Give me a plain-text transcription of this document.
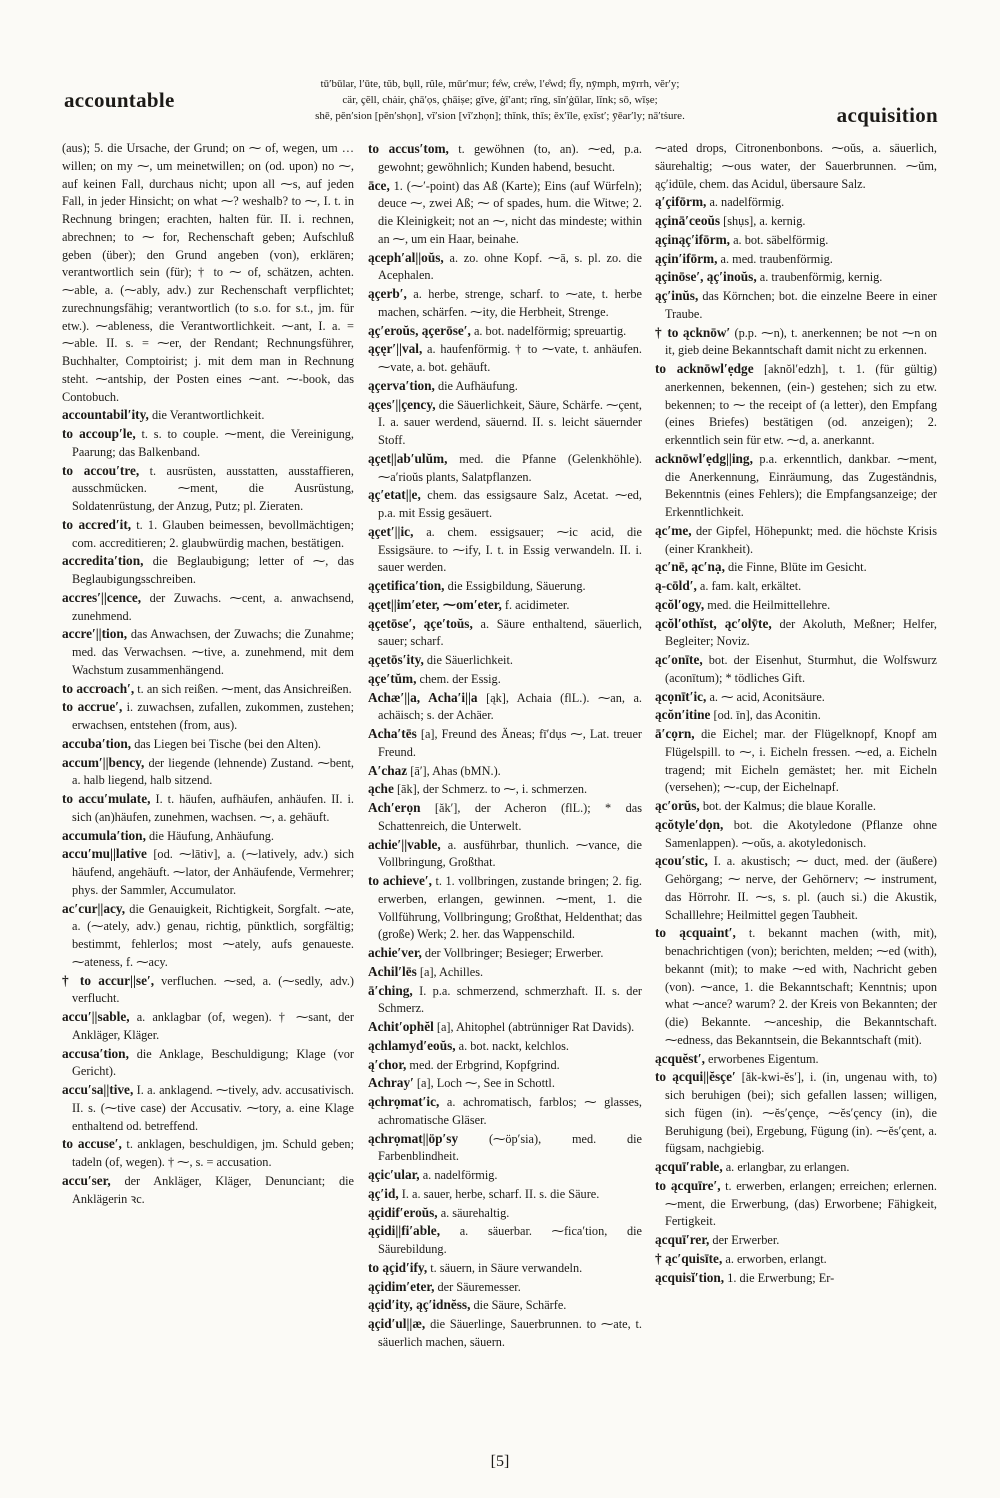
accountable
acquisition
tū′būlar, l′ūte, tŭb, bụll, rûle, mūr′mur; fe̊w, cre̊w, l′e̊wd; fl̄y, nȳmph, mȳrrh, vĕr′y;
cär, ҫĕll, chȧir, ҫhā′ọs, ҫhāiṣe; gīve, ġī′ant; rĭng, sĭn′ġūlar, lĭnk; sō, wīṣe;
shē, pĕn′sion [pĕn′shọn], vĭ′sion [vĭ′zhọn]; thĭnk, thĭs; ĕx′īle, ẹxĭst′; ȳēar′ly; nā′tṡure.

(aus); 5. die Ursache, der Grund; on ⁓ of, wegen, um … willen; on my ⁓, um meinetwillen; on (od. upon) no ⁓, auf keinen Fall, durchaus nicht; upon all ⁓s, auf jeden Fall, in jeder Hinsicht; on what ⁓? weshalb? to ⁓, I. t. in Rechnung bringen; erachten, halten für. II. i. rechnen, abrechnen; to ⁓ for, Rechenschaft geben; Aufschluß geben (über); den Grund angeben (von), erklären; verantwortlich sein (für); † to ⁓ of, schätzen, achten. ⁓able, a. (⁓ably, adv.) zur Rechenschaft verpflichtet; zurechnungsfähig; verantwortlich (to s.o. for s.t., jm. für etw.). ⁓ableness, die Verantwortlichkeit. ⁓ant, I. a. = ⁓able. II. s. = ⁓er, der Rendant; Rechnungsführer, Buchhalter, Comptoirist; j. mit dem man in Rechnung steht. ⁓antship, der Posten eines ⁓ant. ⁓-book, das Contobuch.

accountabil′ity, die Verantwortlichkeit.

to accoup′le, t. s. to couple. ⁓ment, die Vereinigung, Paarung; das Balkenband.

to accou′tre, t. ausrüsten, ausstatten, ausstaffieren, ausschmücken. ⁓ment, die Ausrüstung, Soldatenrüstung, der Anzug, Putz; pl. Zieraten.

to accred′it, t. 1. Glauben beimessen, bevollmächtigen; com. accreditieren; 2. glaubwürdig machen, bestätigen.

accredita′tion, die Beglaubigung; letter of ⁓, das Beglaubigungsschreiben.

accres′||cence, der Zuwachs. ⁓cent, a. anwachsend, zunehmend.

accre′||tion, das Anwachsen, der Zuwachs; die Zunahme; med. das Verwachsen. ⁓tive, a. zunehmend, mit dem Wachstum zusammenhängend.

to accroach′, t. an sich reißen. ⁓ment, das Ansichreißen.

to accrue′, i. zuwachsen, zufallen, zukommen, zustehen; erwachsen, entstehen (from, aus).

accuba′tion, das Liegen bei Tische (bei den Alten).

accum′||bency, der liegende (lehnende) Zustand. ⁓bent, a. halb liegend, halb sitzend.

to accu′mulate, I. t. häufen, aufhäufen, anhäufen. II. i. sich (an)häufen, zunehmen, wachsen. ⁓, a. gehäuft.

accumula′tion, die Häufung, Anhäufung.

accu′mu||lative [od. ⁓lātiv], a. (⁓latively, adv.) sich häufend, angehäuft. ⁓lator, der Anhäufende, Vermehrer; phys. der Sammler, Accumulator.

ac′cur||acy, die Genauigkeit, Richtigkeit, Sorgfalt. ⁓ate, a. (⁓ately, adv.) genau, richtig, pünktlich, sorgfältig; bestimmt, fehlerlos; most ⁓ately, aufs genaueste. ⁓ateness, f. ⁓acy.

† to accur||se′, verfluchen. ⁓sed, a. (⁓sedly, adv.) verflucht.

accu′||sable, a. anklagbar (of, wegen). † ⁓sant, der Ankläger, Kläger.

accusa′tion, die Anklage, Beschuldigung; Klage (vor Gericht).

accu′sa||tive, I. a. anklagend. ⁓tively, adv. accusativisch. II. s. (⁓tive case) der Accusativ. ⁓tory, a. eine Klage enthaltend od. betreffend.

to accuse′, t. anklagen, beschuldigen, jm. Schuld geben; tadeln (of, wegen). † ⁓, s. = accusation.

accu′ser, der Ankläger, Kläger, Denunciant; die Anklägerin ꝛc.

to accus′tom, t. gewöhnen (to, an). ⁓ed, p.a. gewohnt; gewöhnlich; Kunden habend, besucht.

āce, 1. (⁓′-point) das Aß (Karte); Eins (auf Würfeln); deuce ⁓, zwei Aß; ⁓ of spades, hum. die Witwe; 2. die Kleinigkeit; not an ⁓, nicht das mindeste; within an ⁓, um ein Haar, beinahe.

ąceph′al||oŭs, a. zo. ohne Kopf. ⁓ā, s. pl. zo. die Acephalen.

ąçerb′, a. herbe, strenge, scharf. to ⁓ate, t. herbe machen, schärfen. ⁓ity, die Herbheit, Strenge.

ąç′eroŭs, ąçerōse′, a. bot. nadelförmig; spreuartig.

ąçęr′||val, a. haufenförmig. † to ⁓vate, t. anhäufen. ⁓vate, a. bot. gehäuft.

ąçerva′tion, die Aufhäufung.

ąçes′||çency, die Säuerlichkeit, Säure, Schärfe. ⁓çent, I. a. sauer werdend, säuernd. II. s. leicht säuernder Stoff.

ąçet||ab′ulŭm, med. die Pfanne (Gelenkhöhle). ⁓a′rioŭs plants, Salatpflanzen.

ąç′etat||e, chem. das essigsaure Salz, Acetat. ⁓ed, p.a. mit Essig gesäuert.

ąçet′||ic, a. chem. essigsauer; ⁓ic acid, die Essigsäure. to ⁓ify, I. t. in Essig verwandeln. II. i. sauer werden.

ąçetifica′tion, die Essigbildung, Säuerung.

ąçet||im′eter, ⁓om′eter, f. acidimeter.

ąçetōse′, ąçe′toŭs, a. Säure enthaltend, säuerlich, sauer; scharf.

ąçetōs′ity, die Säuerlichkeit.

ąçe′tŭm, chem. der Essig.

Achæ′||a, Acha′i||a [ąk], Achaia (flL.). ⁓an, a. achäisch; s. der Achäer.

Acha′tēs [a], Freund des Äneas; fī′dụs ⁓, Lat. treuer Freund.

A′chaz [ā′], Ahas (bMN.).

ąche [āk], der Schmerz. to ⁓, i. schmerzen.

Ach′erọn [ăk′], der Acheron (flL.); * das Schattenreich, die Unterwelt.

achie′||vable, a. ausführbar, thunlich. ⁓vance, die Vollbringung, Großthat.

to achieve′, t. 1. vollbringen, zustande bringen; 2. fig. erwerben, erlangen, gewinnen. ⁓ment, 1. die Vollführung, Vollbringung; Großthat, Heldenthat; das (große) Werk; 2. her. das Wappenschild.

achie′ver, der Vollbringer; Besieger; Erwerber.

Achil′lēs [a], Achilles.

ā′ching, I. p.a. schmerzend, schmerzhaft. II. s. der Schmerz.

Achit′ophĕl [a], Ahitophel (abtrünniger Rat Davids).

ąchlamyd′eoŭs, a. bot. nackt, kelchlos.

ą′chor, med. der Erbgrind, Kopfgrind.

Achray′ [a], Loch ⁓, See in Schottl.

ąchrọmat′ic, a. achromatisch, farblos; ⁓ glasses, achromatische Gläser.

ąchrọmat||öp′sy	(⁓öp′sia), med. die Farbenblindheit.

ąçic′ular, a. nadelförmig.

ąç′id, I. a. sauer, herbe, scharf. II. s. die Säure.

ąçidif′eroŭs, a. säurehaltig.

ąçidi||fi′able, a. säuerbar. ⁓fica′tion, die Säurebildung.

to ąçid′ify, t. säuern, in Säure verwandeln.

ąçidim′eter, der Säuremesser.

ąçid′ity, ąç′idnĕss, die Säure, Schärfe.

ąçid′ul||æ, die Säuerlinge, Sauerbrunnen. to ⁓ate, t. säuerlich machen, säuern.

⁓ated drops, Citronenbonbons. ⁓oŭs, a. säuerlich, säurehaltig; ⁓ous water, der Sauerbrunnen. ⁓ŭm, ąç′idūle, chem. das Acidul, übersaure Salz.

ą′çifōrm, a. nadelförmig.

ąçinā′ceoŭs [shụs], a. kernig.

ąçinąç′ifōrm, a. bot. säbelförmig.

ąçin′ifōrm, a. med. traubenförmig.

ąçinōse′, ąç′inoŭs, a. traubenförmig, kernig.

ąç′inŭs, das Körnchen; bot. die einzelne Beere in einer Traube.

† to ącknōw′ (p.p. ⁓n), t. anerkennen; be not ⁓n on it, gieb deine Bekanntschaft damit nicht zu erkennen.

to acknōwl′ẹdge [aknŏl′edzh], t. 1. (für gültig) anerkennen, bekennen, (ein-) gestehen; sich zu etw. bekennen; to ⁓ the receipt of (a letter), den Empfang (eines Briefes) bestätigen (od. anzeigen); 2. erkenntlich sein für etw. ⁓d, a. anerkannt.

acknōwl′ẹdg||ing, p.a. erkenntlich, dankbar. ⁓ment, die Anerkennung, Einräumung, das Zugeständnis, Bekenntnis (eines Fehlers); die Empfangsanzeige; der Erkenntlichkeit.

ąc′me, der Gipfel, Höhepunkt; med. die höchste Krisis (einer Krankheit).

ąc′nē, ąc′nạ, die Finne, Blüte im Gesicht.

ą-cōld′, a. fam. kalt, erkältet.

ącŏl′ogy, med. die Heilmittellehre.

ącŏl′othĭst, ąc′olȳte, der Akoluth, Meßner; Helfer, Begleiter; Noviz.

ąc′onīte, bot. der Eisenhut, Sturmhut, die Wolfswurz (aconītum); * tödliches Gift.

ącọnīt′ic, a. ⁓ acid, Aconitsäure.

ącŏn′itine [od. īn], das Aconitin.

ā′cọrn, die Eichel; mar. der Flügelknopf, Knopf am Flügelspill. to ⁓, i. Eicheln fressen. ⁓ed, a. Eicheln tragend; mit Eicheln gemästet; her. mit Eicheln (versehen); ⁓-cup, der Eichelnapf.

ąc′orŭs, bot. der Kalmus; die blaue Koralle.

ącŏtyle′dọn, bot. die Akotyledone (Pflanze ohne Samenlappen). ⁓oŭs, a. akotyledonisch.

ącou′stic, I. a. akustisch; ⁓ duct, med. der (äußere) Gehörgang; ⁓ nerve, der Gehörnerv; ⁓ instrument, das Hörrohr. II. ⁓s, s. pl. (auch si.) die Akustik, Schalllehre; Heilmittel gegen Taubheit.

to ącquaint′, t. bekannt machen (with, mit), benachrichtigen (von); berichten, melden; ⁓ed (with), bekannt (mit); to make ⁓ed with, Nachricht geben (von). ⁓ance, 1. die Bekanntschaft; Kenntnis; upon what ⁓ance? warum? 2. der Kreis von Bekannten; der (die) Bekannte. ⁓anceship, die Bekanntschaft. ⁓edness, das Bekanntsein, die Bekanntschaft (mit).

ącquĕst′, erworbenes Eigentum.

to ącqui||ĕsçe′ [ăk-kwi-ĕs′], i. (in, ungenau with, to) sich beruhigen (bei); sich gefallen lassen; willigen, sich fügen (in). ⁓ĕs′çençe, ⁓ĕs′çency (in), die Beruhigung (bei), Ergebung, Fügung (in). ⁓ĕs′çent, a. fügsam, nachgiebig.

ącquī′rable, a. erlangbar, zu erlangen.

to ącquīre′, t. erwerben, erlangen; erreichen; erlernen. ⁓ment, die Erwerbung, (das) Erworbene; Fähigkeit, Fertigkeit.

ącquī′rer, der Erwerber.

† ąc′quisīte, a. erworben, erlangt.

ącquisĭ′tion, 1. die Erwerbung; Er-

[5]
